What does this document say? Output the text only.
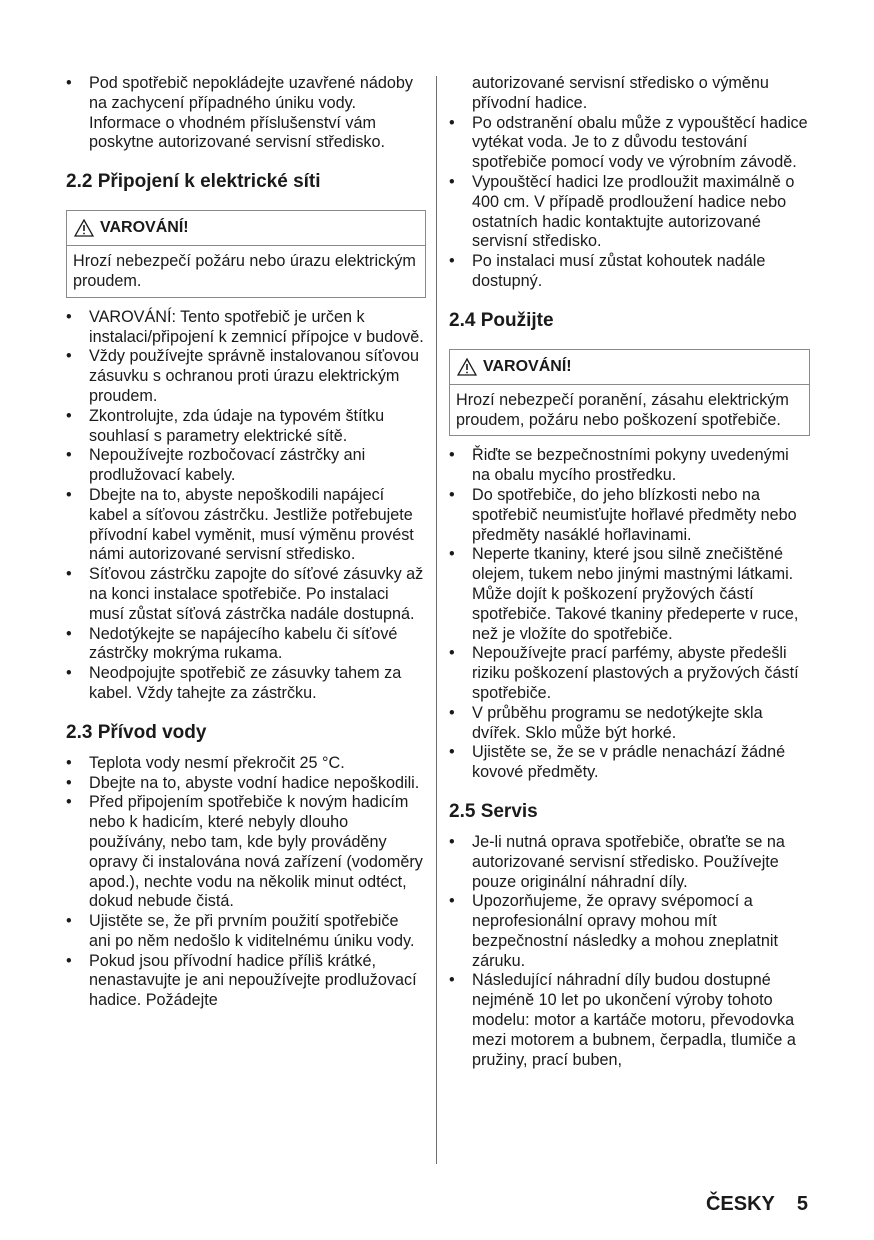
• Pod spotřebič nepokládejte uzavřené nádoby na zachycení případného úniku vody. Informace o vhodném příslušenství vám poskytne autorizované servisní středisko.
2.2 Připojení k elektrické síti
VAROVÁNÍ!
Hrozí nebezpečí požáru nebo úrazu elektrickým proudem.
• VAROVÁNÍ: Tento spotřebič je určen k instalaci/připojení k zemnicí přípojce v budově.
• Vždy používejte správně instalovanou síťovou zásuvku s ochranou proti úrazu elektrickým proudem.
• Zkontrolujte, zda údaje na typovém štítku souhlasí s parametry elektrické sítě.
• Nepoužívejte rozbočovací zástrčky ani prodlužovací kabely.
• Dbejte na to, abyste nepoškodili napájecí kabel a síťovou zástrčku. Jestliže potřebujete přívodní kabel vyměnit, musí výměnu provést námi autorizované servisní středisko.
• Síťovou zástrčku zapojte do síťové zásuvky až na konci instalace spotřebiče. Po instalaci musí zůstat síťová zástrčka nadále dostupná.
• Nedotýkejte se napájecího kabelu či síťové zástrčky mokrýma rukama.
• Neodpojujte spotřebič ze zásuvky tahem za kabel. Vždy tahejte za zástrčku.
2.3 Přívod vody
• Teplota vody nesmí překročit 25 °C.
• Dbejte na to, abyste vodní hadice nepoškodili.
• Před připojením spotřebiče k novým hadicím nebo k hadicím, které nebyly dlouho používány, nebo tam, kde byly prováděny opravy či instalována nová zařízení (vodoměry apod.), nechte vodu na několik minut odtéct, dokud nebude čistá.
• Ujistěte se, že při prvním použití spotřebiče ani po něm nedošlo k viditelnému úniku vody.
• Pokud jsou přívodní hadice příliš krátké, nenastavujte je ani nepoužívejte prodlužovací hadice. Požádejte
autorizované servisní středisko o výměnu přívodní hadice.
• Po odstranění obalu může z vypouštěcí hadice vytékat voda. Je to z důvodu testování spotřebiče pomocí vody ve výrobním závodě.
• Vypouštěcí hadici lze prodloužit maximálně o 400 cm. V případě prodloužení hadice nebo ostatních hadic kontaktujte autorizované servisní středisko.
• Po instalaci musí zůstat kohoutek nadále dostupný.
2.4 Použijte
VAROVÁNÍ!
Hrozí nebezpečí poranění, zásahu elektrickým proudem, požáru nebo poškození spotřebiče.
• Řiďte se bezpečnostními pokyny uvedenými na obalu mycího prostředku.
• Do spotřebiče, do jeho blízkosti nebo na spotřebič neumisťujte hořlavé předměty nebo předměty nasáklé hořlavinami.
• Neperte tkaniny, které jsou silně znečištěné olejem, tukem nebo jinými mastnými látkami. Může dojít k poškození pryžových částí spotřebiče. Takové tkaniny předeperte v ruce, než je vložíte do spotřebiče.
• Nepoužívejte prací parfémy, abyste předešli riziku poškození plastových a pryžových částí spotřebiče.
• V průběhu programu se nedotýkejte skla dvířek. Sklo může být horké.
• Ujistěte se, že se v prádle nenachází žádné kovové předměty.
2.5 Servis
• Je-li nutná oprava spotřebiče, obraťte se na autorizované servisní středisko. Používejte pouze originální náhradní díly.
• Upozorňujeme, že opravy svépomocí a neprofesionální opravy mohou mít bezpečnostní následky a mohou zneplatnit záruku.
• Následující náhradní díly budou dostupné nejméně 10 let po ukončení výroby tohoto modelu: motor a kartáče motoru, převodovka mezi motorem a bubnem, čerpadla, tlumiče a pružiny, prací buben,
ČESKY 5
